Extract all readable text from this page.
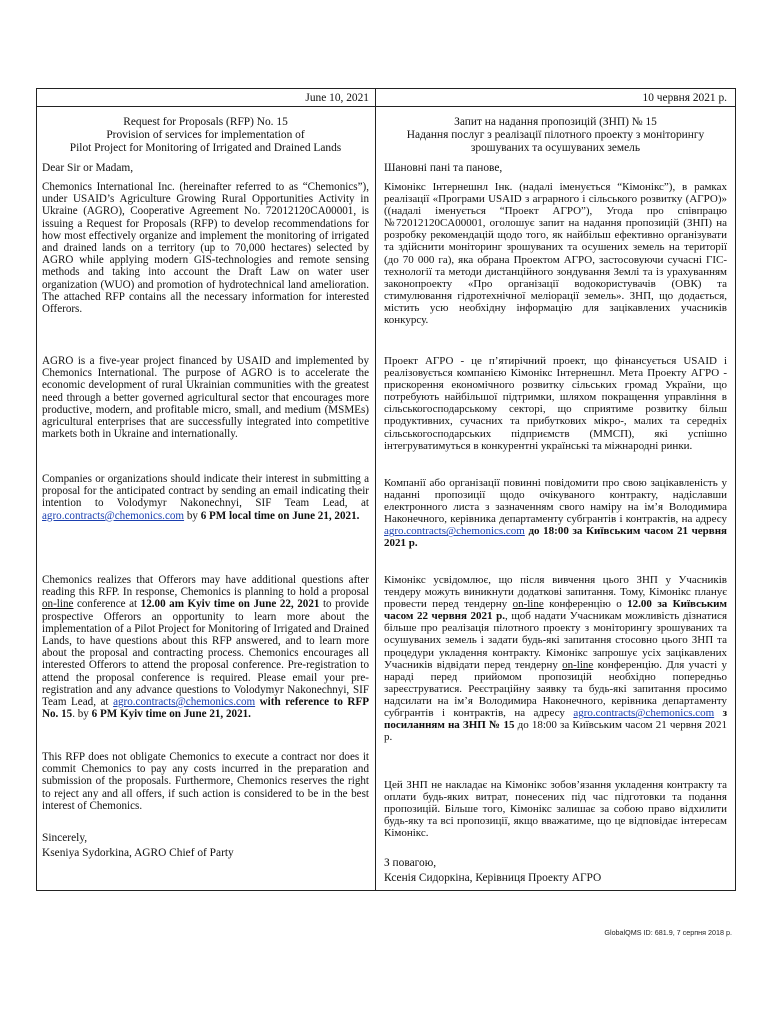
June 10, 2021
Request for Proposals (RFP) No. 15
Provision of services for implementation of
Pilot Project for Monitoring of Irrigated and Drained Lands
Dear Sir or Madam,

Chemonics International Inc. (hereinafter referred to as “Chemonics”), under USAID’s Agriculture Growing Rural Opportunities Activity in Ukraine (AGRO), Cooperative Agreement No. 72012120CA00001, is issuing a Request for Proposals (RFP) to develop recommendations for how most effectively organize and implement the monitoring of irrigated and drained lands on a territory (up to 70,000 hectares) selected by AGRO while applying modern GIS-technologies and remote sensing methods and taking into account the Draft Law on water user organization (WUO) and promotion of hydrotechnical land amelioration. The attached RFP contains all the necessary information for interested Offerors.

AGRO is a five-year project financed by USAID and implemented by Chemonics International. The purpose of AGRO is to accelerate the economic development of rural Ukrainian communities with the greatest need through a better governed agricultural sector that encourages more productive, modern, and profitable micro, small, and medium (MSMEs) agricultural enterprises that are successfully integrated into competitive markets both in Ukraine and internationally.

Companies or organizations should indicate their interest in submitting a proposal for the anticipated contract by sending an email indicating their intention to Volodymyr Nakonechnyi, SIF Team Lead, at agro.contracts@chemonics.com by 6 PM local time on June 21, 2021.

Chemonics realizes that Offerors may have additional questions after reading this RFP. In response, Chemonics is planning to hold a proposal on-line conference at 12.00 am Kyiv time on June 22, 2021 to provide prospective Offerors an opportunity to learn more about the implementation of a Pilot Project for Monitoring of Irrigated and Drained Lands, to have questions about this RFP answered, and to learn more about the proposal and contracting process. Chemonics encourages all interested Offerors to attend the proposal conference. Pre-registration to attend the proposal conference is required. Please email your pre-registration and any advance questions to Volodymyr Nakonechnyi, SIF Team Lead, at agro.contracts@chemonics.com with reference to RFP No. 15. by 6 PM Kyiv time on June 21, 2021.

This RFP does not obligate Chemonics to execute a contract nor does it commit Chemonics to pay any costs incurred in the preparation and submission of the proposals. Furthermore, Chemonics reserves the right to reject any and all offers, if such action is considered to be in the best interest of Chemonics.

Sincerely,
Kseniya Sydorkina, AGRO Chief of Party
10 червня 2021 р.
Запит на надання пропозицій (ЗНП) № 15
Надання послуг з реалізації пілотного проекту з моніторингу
зрошуваних та осушуваних земель
Шановні пані та панове,

Кімонікс Інтернешнл Інк. (надалі іменується “Кімонікс”), в рамках реалізації «Програми USAID з аграрного і сільського розвитку (АГРО)» ((надалі іменується “Проект АГРО”), Угода про співпрацю №72012120CA00001, оголошує запит на надання пропозицій (ЗНП) на розробку рекомендацій щодо того, як найбільш ефективно організувати та здійснити моніторинг зрошуваних та осушених земель на території (до 70 000 га), яка обрана Проектом АГРО, застосовуючи сучасні ГІС-технології та методи дистанційного зондування Землі та із урахуванням законопроекту «Про організації водокористувачів (ОВК) та стимулювання гідротехнічної меліорації земель». ЗНП, що додається, містить усю необхідну інформацію для зацікавлених учасників конкурсу.

Проект АГРО - це п’ятирічний проект, що фінансується USAID і реалізовується компанією Кімонікс Інтернешнл. Мета Проекту АГРО - прискорення економічного розвитку сільських громад України, що потребують найбільшої підтримки, шляхом покращення управління в сільськогосподарському секторі, що сприятиме розвитку більш продуктивних, сучасних та прибуткових мікро-, малих та середніх сільськогосподарських підприємств (ММСП), які успішно інтегруватимуться в конкурентні українські та міжнародні ринки.

Компанії або організації повинні повідомити про свою зацікавленість у наданні пропозиції щодо очікуваного контракту, надіславши електронного листа з зазначенням свого наміру на ім’я Володимира Наконечного, керівника департаменту субгрантів і контрактів, на адресу agro.contracts@chemonics.com до 18:00 за Київським часом 21 червня 2021 р.

Кімонікс усвідомлює, що після вивчення цього ЗНП у Учасників тендеру можуть виникнути додаткові запитання. Тому, Кімонікс планує провести перед тендерну on-line конференцію о 12.00 за Київським часом 22 червня 2021 р., щоб надати Учасникам можливість дізнатися більше про реалізація пілотного проекту з моніторингу зрошуваних та осушуваних земель і задати будь-які запитання стосовно цього ЗНП та процедури укладення контракту. Кімонікс запрошує усіх зацікавлених Учасників відвідати перед тендерну on-line конференцію. Для участі у нараді перед прийомом пропозицій необхідно попередньо зареєструватися. Реєстраційну заявку та будь-які запитання просимо надсилати на ім’я Володимира Наконечного, керівника департаменту субгрантів і контрактів, на адресу agro.contracts@chemonics.com з посиланням на ЗНП № 15 до 18:00 за Київським часом 21 червня 2021 р.

Цей ЗНП не накладає на Кімонікс зобов’язання укладення контракту та оплати будь-яких витрат, понесених під час підготовки та подання пропозицій. Більше того, Кімонікс залишає за собою право відхилити будь-яку та всі пропозиції, якщо вважатиме, що це відповідає інтересам Кімонікс.

З повагою,
Ксенія Сидоркіна, Керівниця Проекту АГРО
GlobalQMS ID: 681.9, 7 серпня 2018 р.
